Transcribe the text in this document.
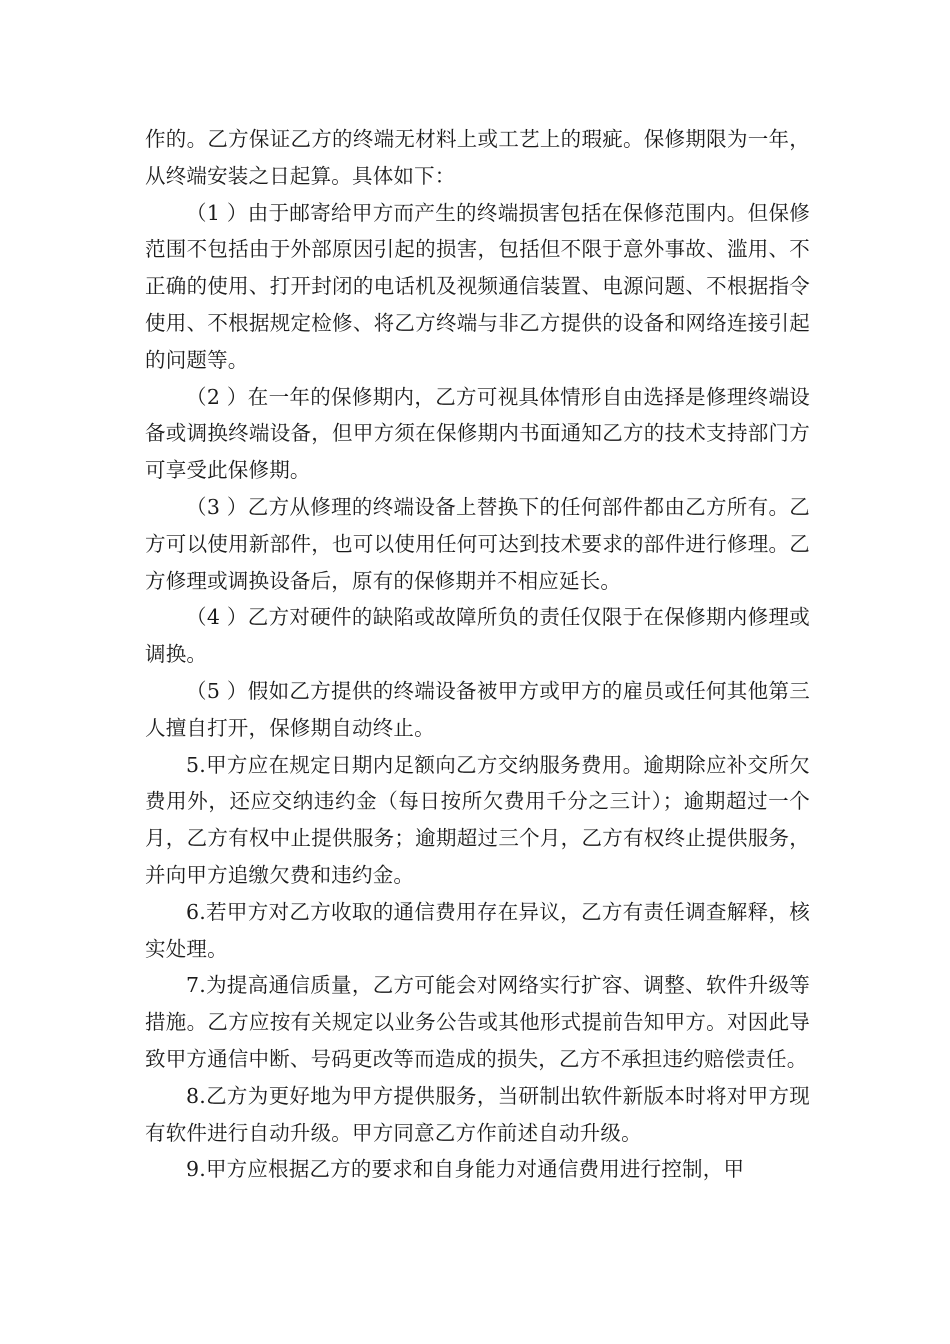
作的。乙方保证乙方的终端无材料上或工艺上的瑕疵。保修期限为一年，从终端安装之日起算。具体如下：

（1 ）由于邮寄给甲方而产生的终端损害包括在保修范围内。但保修范围不包括由于外部原因引起的损害，包括但不限于意外事故、滥用、不正确的使用、打开封闭的电话机及视频通信装置、电源问题、不根据指令使用、不根据规定检修、将乙方终端与非乙方提供的设备和网络连接引起的问题等。

（2 ）在一年的保修期内，乙方可视具体情形自由选择是修理终端设备或调换终端设备，但甲方须在保修期内书面通知乙方的技术支持部门方可享受此保修期。

（3 ）乙方从修理的终端设备上替换下的任何部件都由乙方所有。乙方可以使用新部件，也可以使用任何可达到技术要求的部件进行修理。乙方修理或调换设备后，原有的保修期并不相应延长。

（4 ）乙方对硬件的缺陷或故障所负的责任仅限于在保修期内修理或调换。

（5 ）假如乙方提供的终端设备被甲方或甲方的雇员或任何其他第三人擅自打开，保修期自动终止。

5.甲方应在规定日期内足额向乙方交纳服务费用。逾期除应补交所欠费用外，还应交纳违约金（每日按所欠费用千分之三计）；逾期超过一个月，乙方有权中止提供服务；逾期超过三个月，乙方有权终止提供服务，并向甲方追缴欠费和违约金。

6.若甲方对乙方收取的通信费用存在异议，乙方有责任调查解释，核实处理。

7.为提高通信质量，乙方可能会对网络实行扩容、调整、软件升级等措施。乙方应按有关规定以业务公告或其他形式提前告知甲方。对因此导致甲方通信中断、号码更改等而造成的损失，乙方不承担违约赔偿责任。

8.乙方为更好地为甲方提供服务，当研制出软件新版本时将对甲方现有软件进行自动升级。甲方同意乙方作前述自动升级。

9.甲方应根据乙方的要求和自身能力对通信费用进行控制，甲
